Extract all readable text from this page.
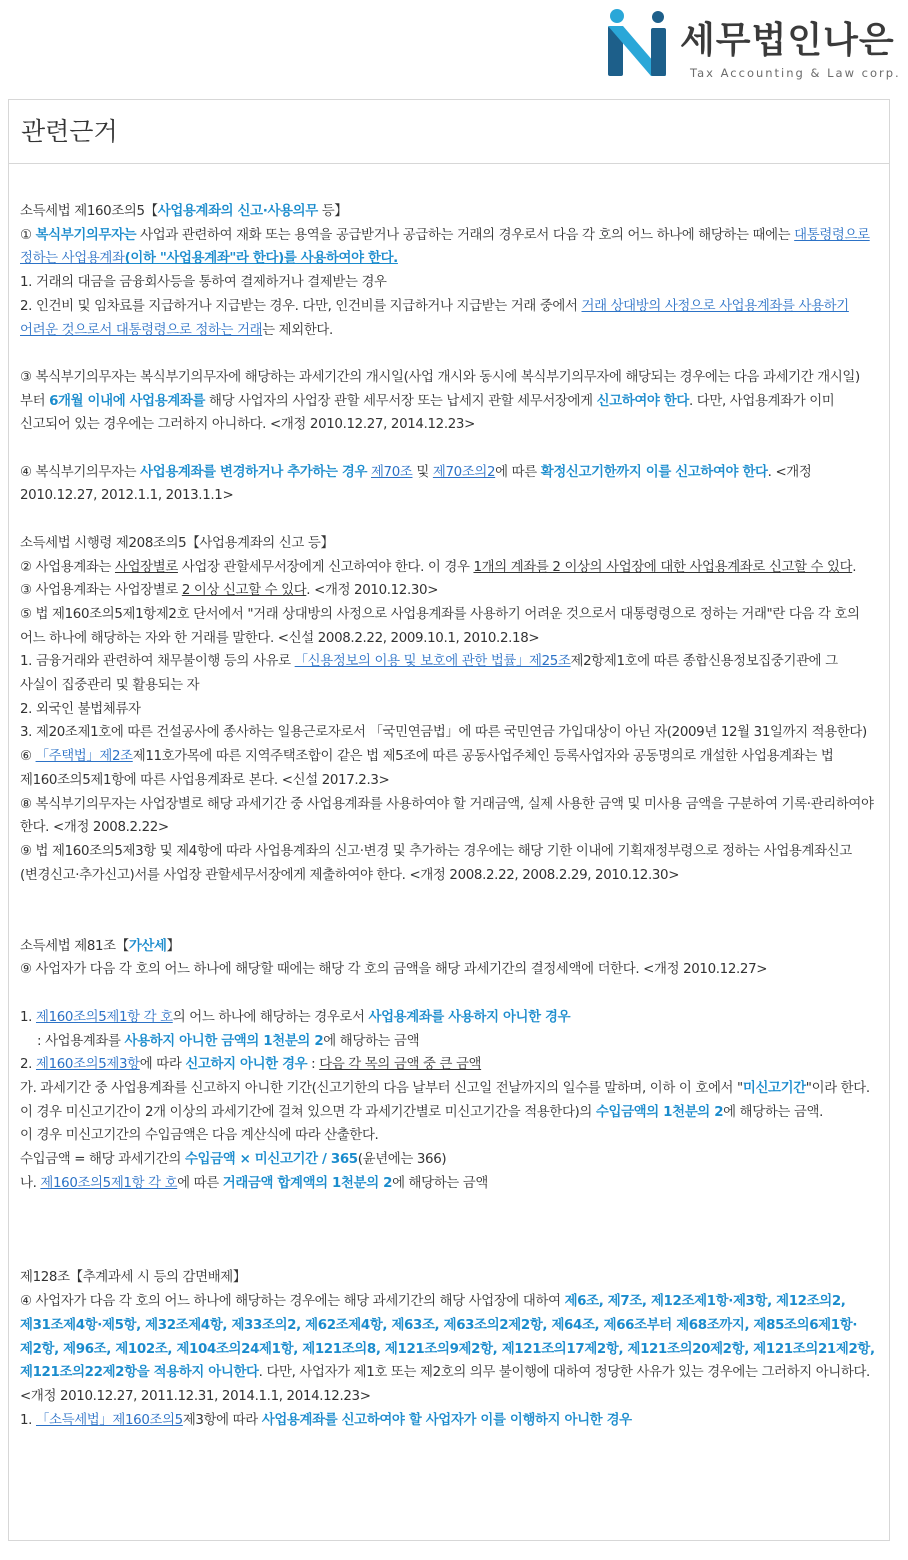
세무법인나은
Tax Accounting & Law corp.
관련근거

소득세법 제160조의5【사업용계좌의 신고·사용의무 등】

① 복식부기의무자는 사업과 관련하여 재화 또는 용역을 공급받거나 공급하는 거래의 경우로서 다음 각 호의 어느 하나에 해당하는 때에는 대통령령으로 정하는 사업용계좌(이하 "사업용계좌"라 한다)를 사용하여야 한다.

1. 거래의 대금을 금융회사등을 통하여 결제하거나 결제받는 경우

2. 인건비 및 임차료를 지급하거나 지급받는 경우. 다만, 인건비를 지급하거나 지급받는 거래 중에서 거래 상대방의 사정으로 사업용계좌를 사용하기 어려운 것으로서 대통령령으로 정하는 거래는 제외한다.

③ 복식부기의무자는 복식부기의무자에 해당하는 과세기간의 개시일(사업 개시와 동시에 복식부기의무자에 해당되는 경우에는 다음 과세기간 개시일)부터 6개월 이내에 사업용계좌를 해당 사업자의 사업장 관할 세무서장 또는 납세지 관할 세무서장에게 신고하여야 한다. 다만, 사업용계좌가 이미 신고되어 있는 경우에는 그러하지 아니하다. <개정 2010.12.27, 2014.12.23>

④ 복식부기의무자는 사업용계좌를 변경하거나 추가하는 경우 제70조 및 제70조의2에 따른 확정신고기한까지 이를 신고하여야 한다. <개정 2010.12.27, 2012.1.1, 2013.1.1>

소득세법 시행령 제208조의5【사업용계좌의 신고 등】

② 사업용계좌는 사업장별로 사업장 관할세무서장에게 신고하여야 한다. 이 경우 1개의 계좌를 2 이상의 사업장에 대한 사업용계좌로 신고할 수 있다.

③ 사업용계좌는 사업장별로 2 이상 신고할 수 있다. <개정 2010.12.30>

⑤ 법 제160조의5제1항제2호 단서에서 "거래 상대방의 사정으로 사업용계좌를 사용하기 어려운 것으로서 대통령령으로 정하는 거래"란 다음 각 호의 어느 하나에 해당하는 자와 한 거래를 말한다. <신설 2008.2.22, 2009.10.1, 2010.2.18>

1. 금융거래와 관련하여 채무불이행 등의 사유로 「신용정보의 이용 및 보호에 관한 법률」제25조제2항제1호에 따른 종합신용정보집중기관에 그 사실이 집중관리 및 활용되는 자

2. 외국인 불법체류자

3. 제20조제1호에 따른 건설공사에 종사하는 일용근로자로서 「국민연금법」에 따른 국민연금 가입대상이 아닌 자(2009년 12월 31일까지 적용한다)

⑥ 「주택법」제2조제11호가목에 따른 지역주택조합이 같은 법 제5조에 따른 공동사업주체인 등록사업자와 공동명의로 개설한 사업용계좌는 법 제160조의5제1항에 따른 사업용계좌로 본다. <신설 2017.2.3>

⑧ 복식부기의무자는 사업장별로 해당 과세기간 중 사업용계좌를 사용하여야 할 거래금액, 실제 사용한 금액 및 미사용 금액을 구분하여 기록·관리하여야 한다. <개정 2008.2.22>

⑨ 법 제160조의5제3항 및 제4항에 따라 사업용계좌의 신고·변경 및 추가하는 경우에는 해당 기한 이내에 기획재정부령으로 정하는 사업용계좌신고(변경신고·추가신고)서를 사업장 관할세무서장에게 제출하여야 한다. <개정 2008.2.22, 2008.2.29, 2010.12.30>

소득세법 제81조【가산세】

⑨ 사업자가 다음 각 호의 어느 하나에 해당할 때에는 해당 각 호의 금액을 해당 과세기간의 결정세액에 더한다. <개정 2010.12.27>

1. 제160조의5제1항 각 호의 어느 하나에 해당하는 경우로서 사업용계좌를 사용하지 아니한 경우

: 사업용계좌를 사용하지 아니한 금액의 1천분의 2에 해당하는 금액

2. 제160조의5제3항에 따라 신고하지 아니한 경우 : 다음 각 목의 금액 중 큰 금액

가. 과세기간 중 사업용계좌를 신고하지 아니한 기간(신고기한의 다음 날부터 신고일 전날까지의 일수를 말하며, 이하 이 호에서 "미신고기간"이라 한다. 이 경우 미신고기간이 2개 이상의 과세기간에 걸쳐 있으면 각 과세기간별로 미신고기간을 적용한다)의 수입금액의 1천분의 2에 해당하는 금액.

이 경우 미신고기간의 수입금액은 다음 계산식에 따라 산출한다.

수입금액 = 해당 과세기간의 수입금액 × 미신고기간 / 365(윤년에는 366)

나. 제160조의5제1항 각 호에 따른 거래금액 합계액의 1천분의 2에 해당하는 금액

제128조【추계과세 시 등의 감면배제】

④ 사업자가 다음 각 호의 어느 하나에 해당하는 경우에는 해당 과세기간의 해당 사업장에 대하여 제6조, 제7조, 제12조제1항·제3항, 제12조의2, 제31조제4항·제5항, 제32조제4항, 제33조의2, 제62조제4항, 제63조, 제63조의2제2항, 제64조, 제66조부터 제68조까지, 제85조의6제1항·제2항, 제96조, 제102조, 제104조의24제1항, 제121조의8, 제121조의9제2항, 제121조의17제2항, 제121조의20제2항, 제121조의21제2항, 제121조의22제2항을 적용하지 아니한다. 다만, 사업자가 제1호 또는 제2호의 의무 불이행에 대하여 정당한 사유가 있는 경우에는 그러하지 아니하다. <개정 2010.12.27, 2011.12.31, 2014.1.1, 2014.12.23>

1. 「소득세법」제160조의5제3항에 따라 사업용계좌를 신고하여야 할 사업자가 이를 이행하지 아니한 경우
